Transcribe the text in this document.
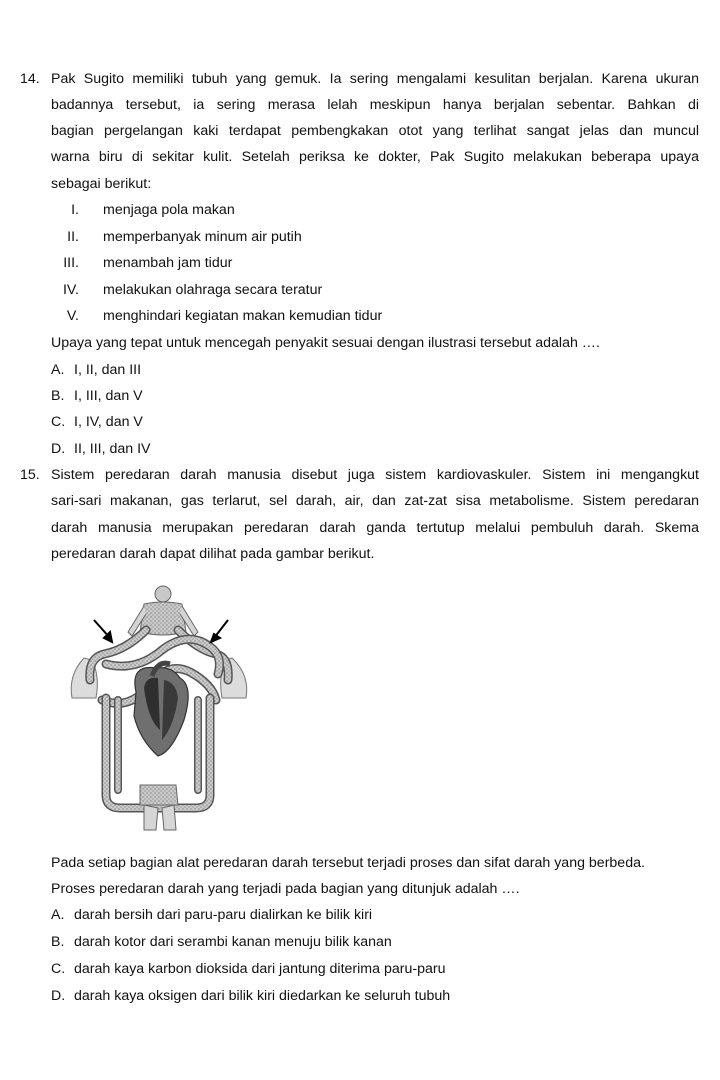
14. Pak Sugito memiliki tubuh yang gemuk. Ia sering mengalami kesulitan berjalan. Karena ukuran
badannya tersebut, ia sering merasa lelah meskipun hanya berjalan sebentar. Bahkan di
bagian pergelangan kaki terdapat pembengkakan otot yang terlihat sangat jelas dan muncul
warna biru di sekitar kulit. Setelah periksa ke dokter, Pak Sugito melakukan beberapa upaya
sebagai berikut:
I. menjaga pola makan
II. memperbanyak minum air putih
III. menambah jam tidur
IV. melakukan olahraga secara teratur
V. menghindari kegiatan makan kemudian tidur
Upaya yang tepat untuk mencegah penyakit sesuai dengan ilustrasi tersebut adalah ….
A. I, II, dan III
B. I, III, dan V
C. I, IV, dan V
D. II, III, dan IV
15. Sistem peredaran darah manusia disebut juga sistem kardiovaskuler. Sistem ini mengangkut
sari-sari makanan, gas terlarut, sel darah, air, dan zat-zat sisa metabolisme. Sistem peredaran
darah manusia merupakan peredaran darah ganda tertutup melalui pembuluh darah. Skema
peredaran darah dapat dilihat pada gambar berikut.
Pada setiap bagian alat peredaran darah tersebut terjadi proses dan sifat darah yang berbeda.
Proses peredaran darah yang terjadi pada bagian yang ditunjuk adalah ….
A. darah bersih dari paru-paru dialirkan ke bilik kiri
B. darah kotor dari serambi kanan menuju bilik kanan
C. darah kaya karbon dioksida dari jantung diterima paru-paru
D. darah kaya oksigen dari bilik kiri diedarkan ke seluruh tubuh
